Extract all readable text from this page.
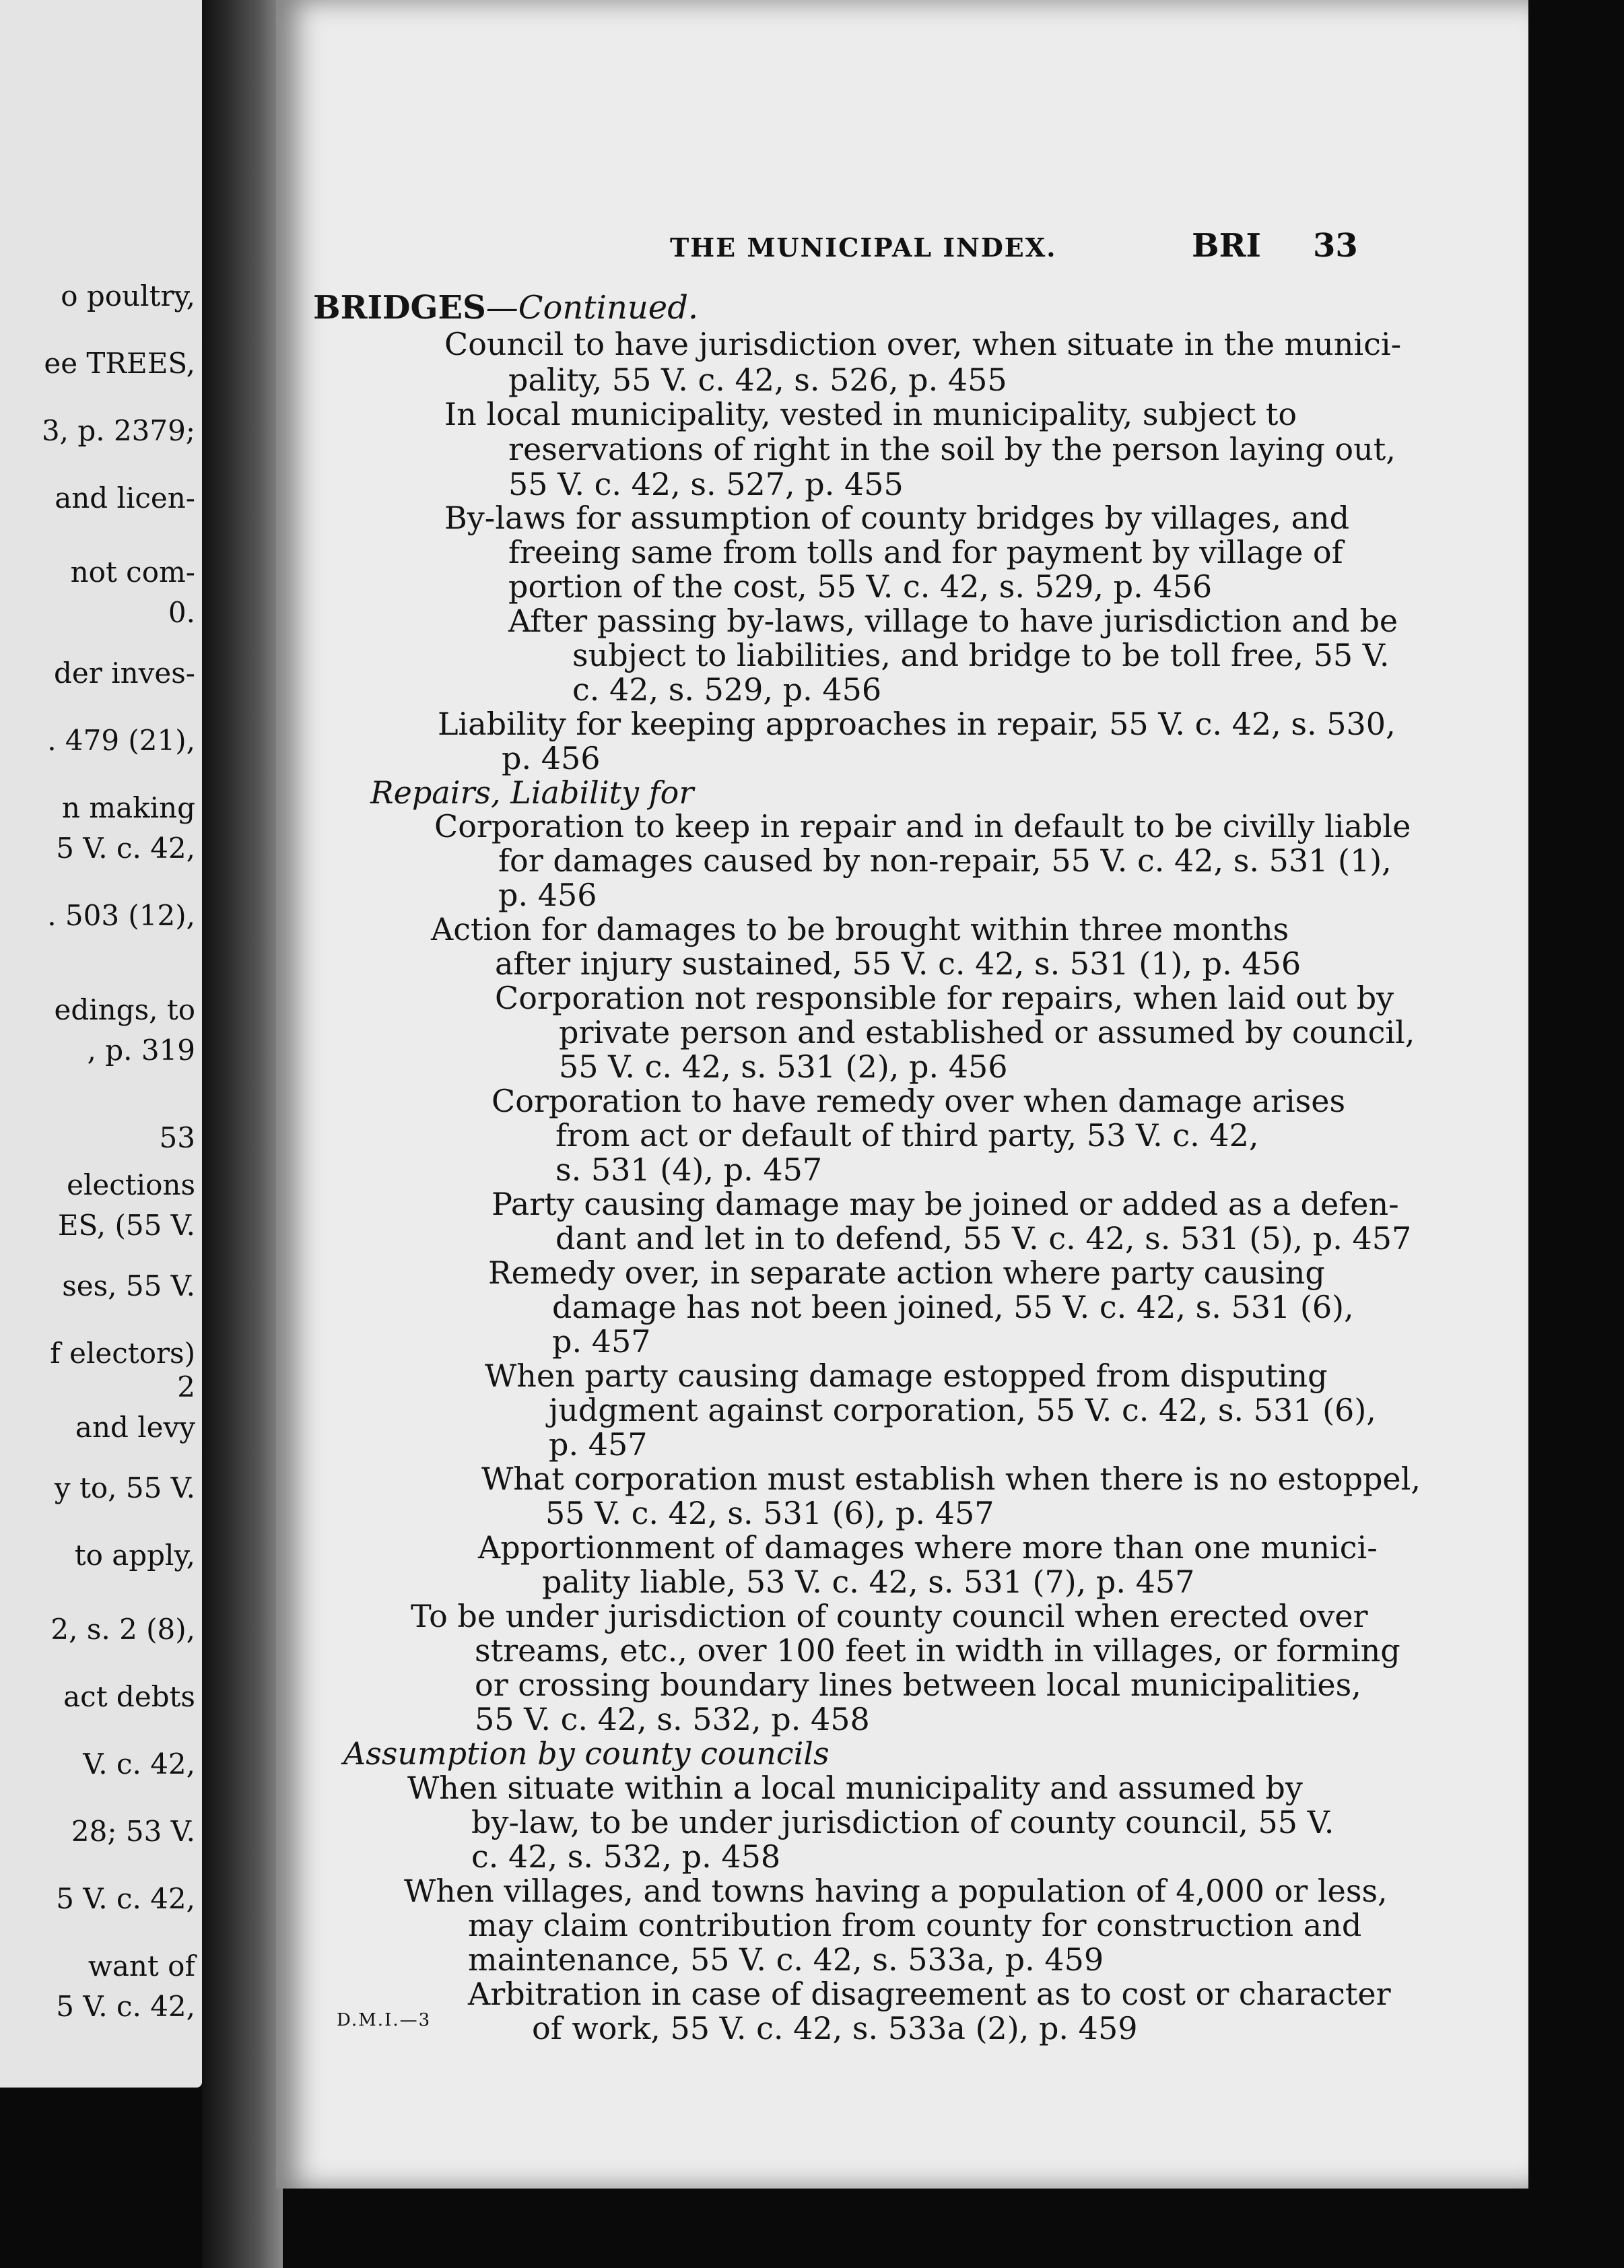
o poultry,
ee TREES,
3, p. 2379;
and licen-
not com-
0.
der inves-
. 479 (21),
n making
5 V. c. 42,
. 503 (12),
edings, to
, p. 319
53
elections
ES, (55 V.
ses, 55 V.
f electors)
2
and levy
y to, 55 V.
to apply,
2, s. 2 (8),
act debts
V. c. 42,
28; 53 V.
5 V. c. 42,
want of
5 V. c. 42,
THE MUNICIPAL INDEX.	BRI 33
BRIDGES—Continued.
Council to have jurisdiction over, when situate in the munici-
pality, 55 V. c. 42, s. 526, p. 455
In local municipality, vested in municipality, subject to
reservations of right in the soil by the person laying out,
55 V. c. 42, s. 527, p. 455
By-laws for assumption of county bridges by villages, and
freeing same from tolls and for payment by village of
portion of the cost, 55 V. c. 42, s. 529, p. 456
After passing by-laws, village to have jurisdiction and be
subject to liabilities, and bridge to be toll free, 55 V.
c. 42, s. 529, p. 456
Liability for keeping approaches in repair, 55 V. c. 42, s. 530,
p. 456
Repairs, Liability for
Corporation to keep in repair and in default to be civilly liable
for damages caused by non-repair, 55 V. c. 42, s. 531 (1),
p. 456
Action for damages to be brought within three months
after injury sustained, 55 V. c. 42, s. 531 (1), p. 456
Corporation not responsible for repairs, when laid out by
private person and established or assumed by council,
55 V. c. 42, s. 531 (2), p. 456
Corporation to have remedy over when damage arises
from act or default of third party, 53 V. c. 42,
s. 531 (4), p. 457
Party causing damage may be joined or added as a defen-
dant and let in to defend, 55 V. c. 42, s. 531 (5), p. 457
Remedy over, in separate action where party causing
damage has not been joined, 55 V. c. 42, s. 531 (6),
p. 457
When party causing damage estopped from disputing
judgment against corporation, 55 V. c. 42, s. 531 (6),
p. 457
What corporation must establish when there is no estoppel,
55 V. c. 42, s. 531 (6), p. 457
Apportionment of damages where more than one munici-
pality liable, 53 V. c. 42, s. 531 (7), p. 457
To be under jurisdiction of county council when erected over
streams, etc., over 100 feet in width in villages, or forming
or crossing boundary lines between local municipalities,
55 V. c. 42, s. 532, p. 458
Assumption by county councils
When situate within a local municipality and assumed by
by-law, to be under jurisdiction of county council, 55 V.
c. 42, s. 532, p. 458
When villages, and towns having a population of 4,000 or less,
may claim contribution from county for construction and
maintenance, 55 V. c. 42, s. 533a, p. 459
Arbitration in case of disagreement as to cost or character
of work, 55 V. c. 42, s. 533a (2), p. 459
D.M.I.—3
